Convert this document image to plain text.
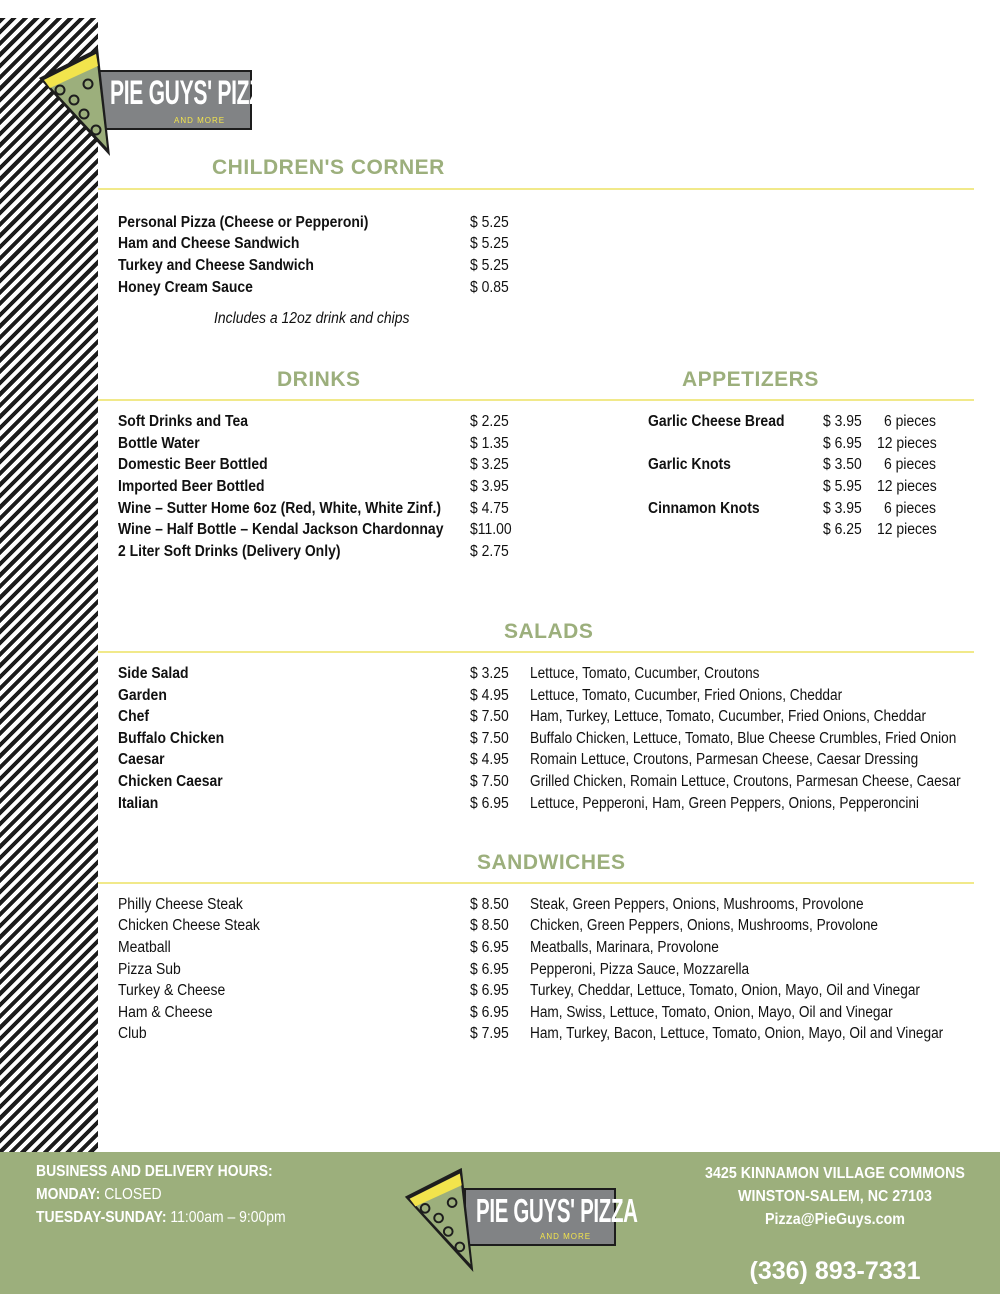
PIE GUYS' PIZZA
AND MORE
CHILDREN'S CORNER
Personal Pizza (Cheese or Pepperoni)	$ 5.25
Ham and Cheese Sandwich	$ 5.25
Turkey and Cheese Sandwich	$ 5.25
Honey Cream Sauce	$ 0.85
Includes a 12oz drink and chips
DRINKS	APPETIZERS
Soft Drinks and Tea	$ 2.25
Bottle Water	$ 1.35
Domestic Beer Bottled	$ 3.25
Imported Beer Bottled	$ 3.95
Wine – Sutter Home 6oz (Red, White, White Zinf.) $ 4.75
Wine – Half Bottle – Kendal Jackson Chardonnay $11.00
2 Liter Soft Drinks (Delivery Only)	$ 2.75
Garlic Cheese Bread $ 3.95 6 pieces
$ 6.95 12 pieces
Garlic Knots	$ 3.50 6 pieces
$ 5.95 12 pieces
Cinnamon Knots	$ 3.95 6 pieces
$ 6.25 12 pieces
SALADS
Side Salad	$ 3.25 Lettuce, Tomato, Cucumber, Croutons
Garden	$ 4.95 Lettuce, Tomato, Cucumber, Fried Onions, Cheddar
Chef	$ 7.50 Ham, Turkey, Lettuce, Tomato, Cucumber, Fried Onions, Cheddar
Buffalo Chicken	$ 7.50 Buffalo Chicken, Lettuce, Tomato, Blue Cheese Crumbles, Fried Onion
Caesar	$ 4.95 Romain Lettuce, Croutons, Parmesan Cheese, Caesar Dressing
Chicken Caesar	$ 7.50 Grilled Chicken, Romain Lettuce, Croutons, Parmesan Cheese, Caesar
Italian	$ 6.95 Lettuce, Pepperoni, Ham, Green Peppers, Onions, Pepperoncini
SANDWICHES
Philly Cheese Steak	$ 8.50 Steak, Green Peppers, Onions, Mushrooms, Provolone
Chicken Cheese Steak	$ 8.50 Chicken, Green Peppers, Onions, Mushrooms, Provolone
Meatball	$ 6.95 Meatballs, Marinara, Provolone
Pizza Sub	$ 6.95 Pepperoni, Pizza Sauce, Mozzarella
Turkey & Cheese	$ 6.95 Turkey, Cheddar, Lettuce, Tomato, Onion, Mayo, Oil and Vinegar
Ham & Cheese	$ 6.95 Ham, Swiss, Lettuce, Tomato, Onion, Mayo, Oil and Vinegar
Club	$ 7.95 Ham, Turkey, Bacon, Lettuce, Tomato, Onion, Mayo, Oil and Vinegar
BUSINESS AND DELIVERY HOURS:
MONDAY: CLOSED
TUESDAY-SUNDAY: 11:00am – 9:00pm	PIE GUYS' PIZZA
AND MORE
3425 KINNAMON VILLAGE COMMONS
WINSTON-SALEM, NC 27103
Pizza@PieGuys.com
(336) 893-7331
